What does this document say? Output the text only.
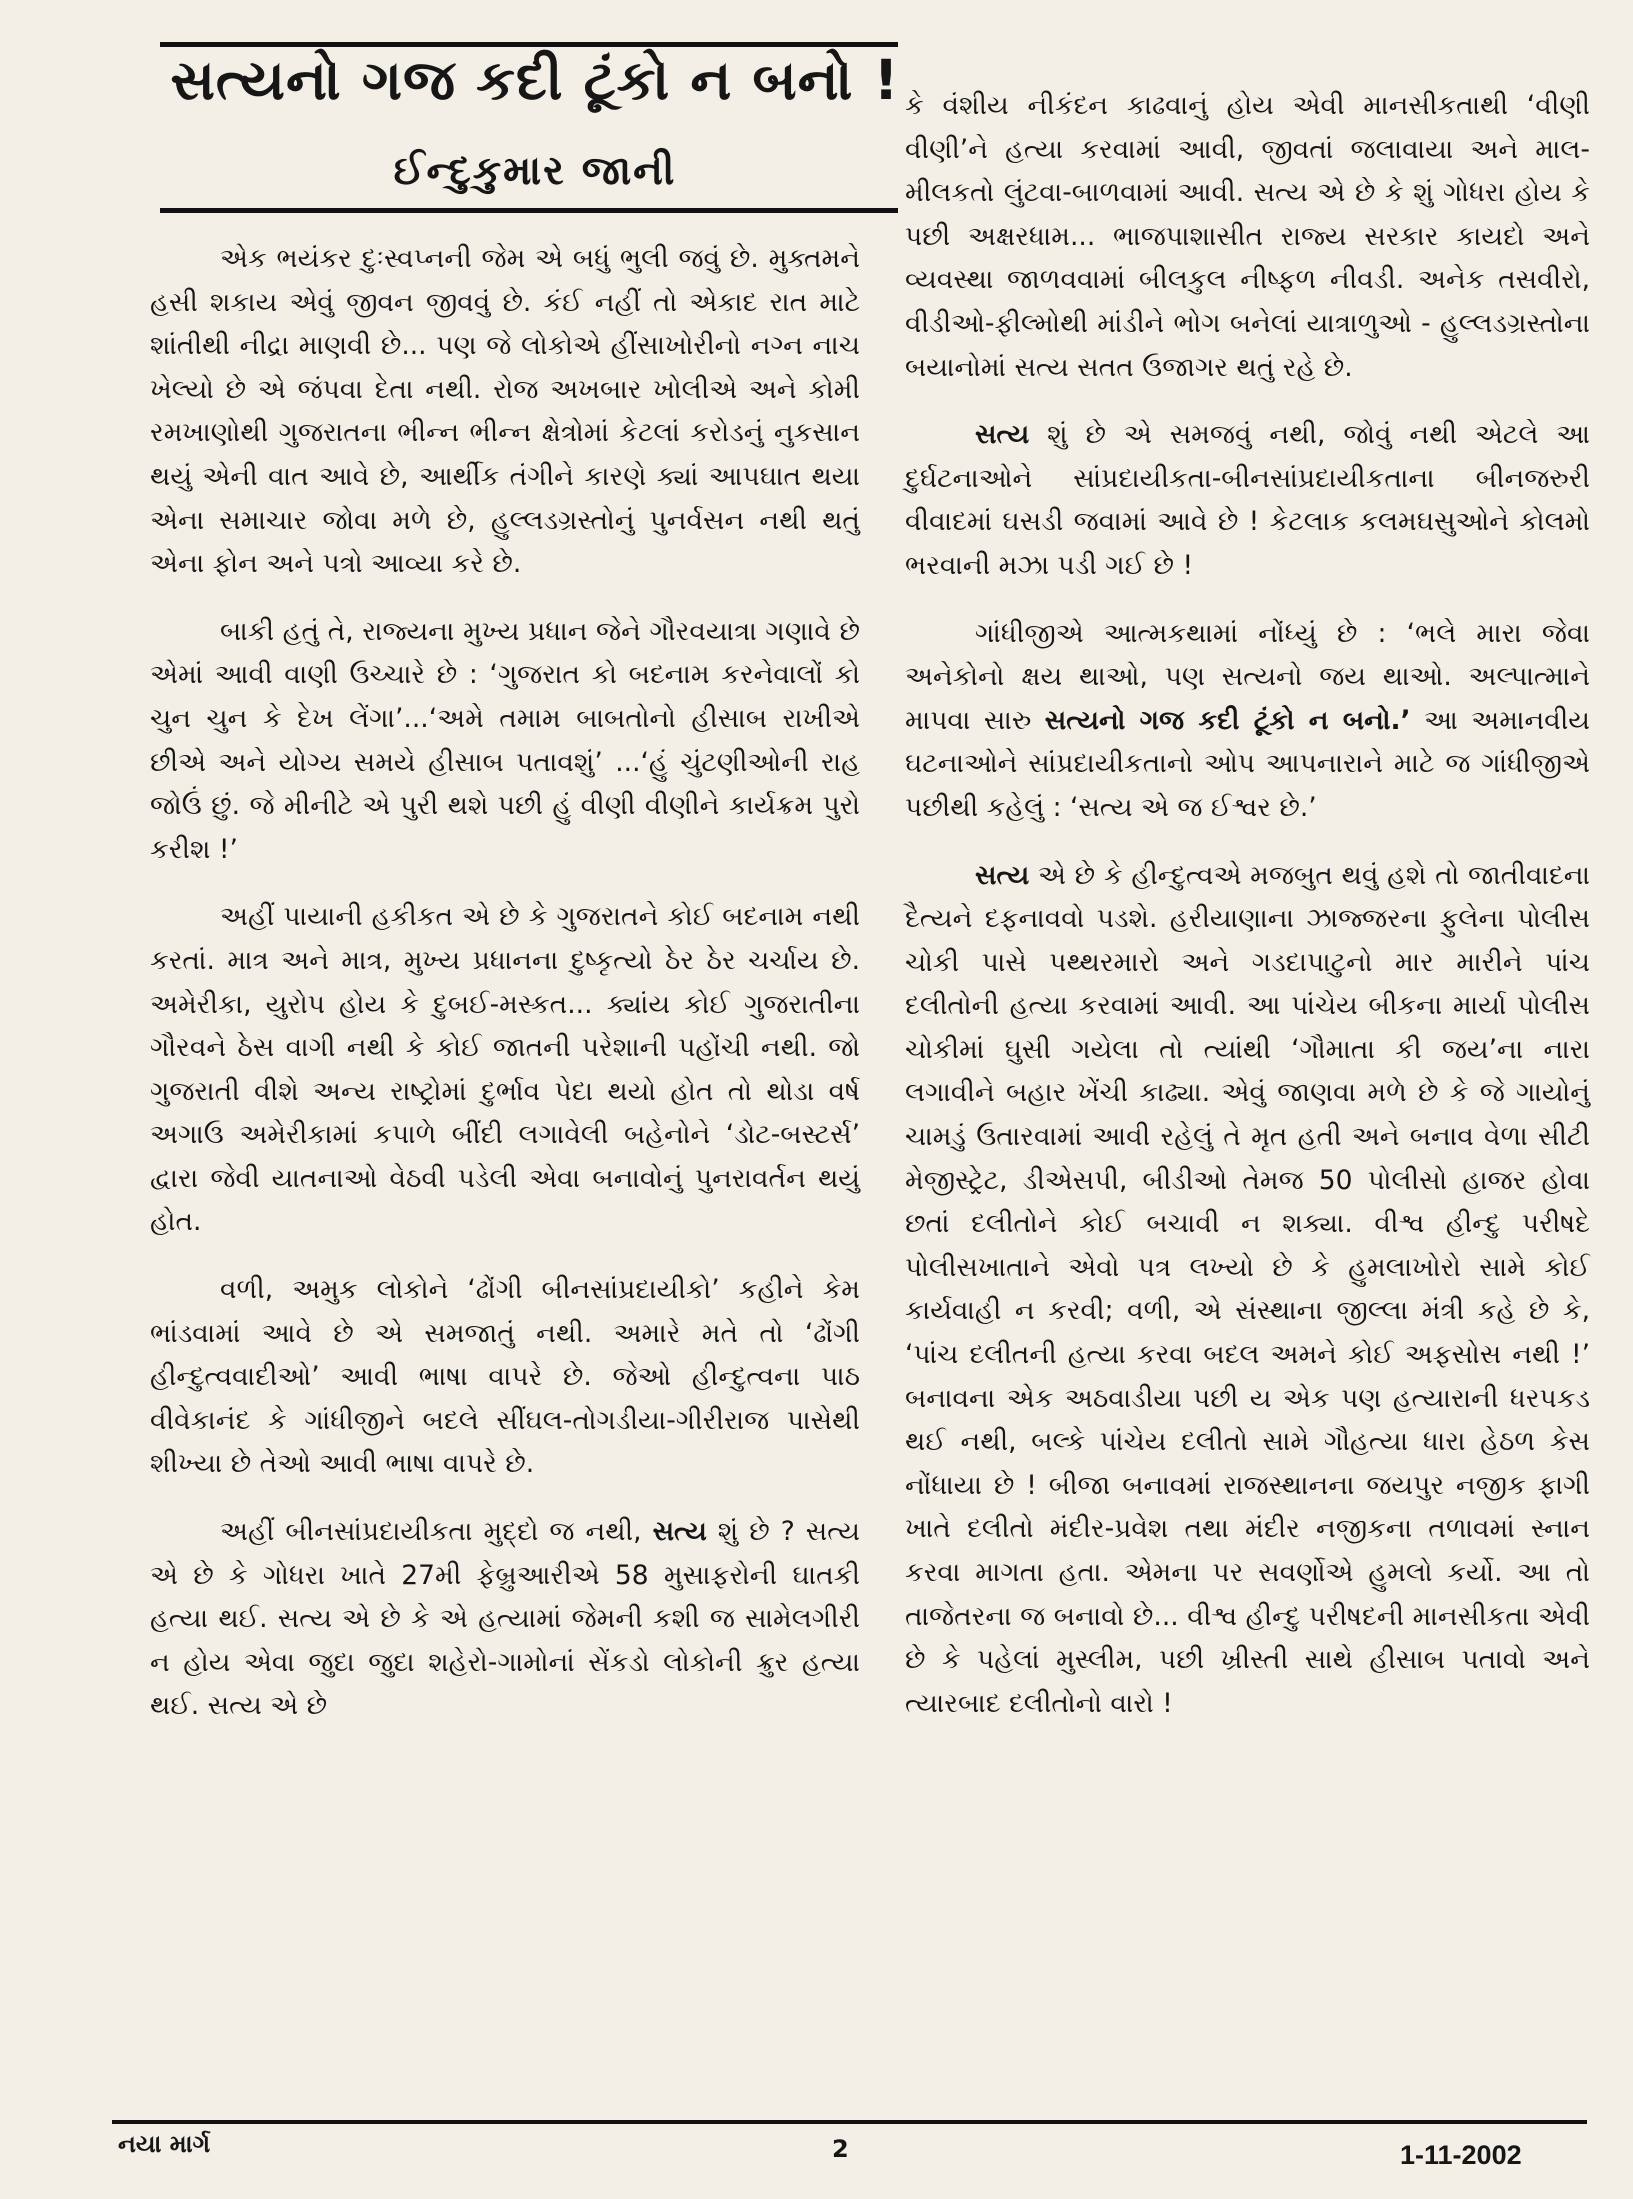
સત્યનો ગજ કદી ટૂંકો ન બનો !
ઈન્દુકુમાર જાની

એક ભયંકર દુઃસ્વપ્નની જેમ એ બધું ભુલી જવું છે. મુક્તમને હસી શકાય એવું જીવન જીવવું છે. કંઈ નહીં તો એકાદ રાત માટે શાંતીથી નીદ્રા માણવી છે... પણ જે લોકોએ હીંસાખોરીનો નગ્ન નાચ ખેલ્યો છે એ જંપવા દેતા નથી. રોજ અખબાર ખોલીએ અને કોમી રમખાણોથી ગુજરાતના ભીન્ન ભીન્ન ક્ષેત્રોમાં કેટલાં કરોડનું નુકસાન થયું એની વાત આવે છે, આર્થીક તંગીને કારણે ક્યાં આપઘાત થયા એના સમાચાર જોવા મળે છે, હુલ્લડગ્રસ્તોનું પુનર્વસન નથી થતું એના ફોન અને પત્રો આવ્યા કરે છે.

બાકી હતું તે, રાજ્યના મુખ્ય પ્રધાન જેને ગૌરવયાત્રા ગણાવે છે એમાં આવી વાણી ઉચ્ચારે છે : ‘ગુજરાત કો બદનામ કરનેવાલોં કો ચુન ચુન કે દેખ લેંગા’...‘અમે તમામ બાબતોનો હીસાબ રાખીએ છીએ અને યોગ્ય સમયે હીસાબ પતાવશું’ ...‘હું ચુંટણીઓની રાહ જોઉં છું. જે મીનીટે એ પુરી થશે પછી હું વીણી વીણીને કાર્યક્રમ પુરો કરીશ !’

અહીં પાયાની હકીકત એ છે કે ગુજરાતને કોઈ બદનામ નથી કરતાં. માત્ર અને માત્ર, મુખ્ય પ્રધાનના દુષ્કૃત્યો ઠેર ઠેર ચર્ચાય છે. અમેરીકા, યુરોપ હોય કે દુબઈ-મસ્કત... ક્યાંય કોઈ ગુજરાતીના ગૌરવને ઠેસ વાગી નથી કે કોઈ જાતની પરેશાની પહોંચી નથી. જો ગુજરાતી વીશે અન્ય રાષ્ટ્રોમાં દુર્ભાવ પેદા થયો હોત તો થોડા વર્ષ અગાઉ અમેરીકામાં કપાળે બીંદી લગાવેલી બહેનોને ‘ડોટ-બસ્ટર્સ’ દ્વારા જેવી યાતનાઓ વેઠવી પડેલી એવા બનાવોનું પુનરાવર્તન થયું હોત.

વળી, અમુક લોકોને ‘ઢોંગી બીનસાંપ્રદાયીકો’ કહીને કેમ ભાંડવામાં આવે છે એ સમજાતું નથી. અમારે મતે તો ‘ઢોંગી હીન્દુત્વવાદીઓ’ આવી ભાષા વાપરે છે. જેઓ હીન્દુત્વના પાઠ વીવેકાનંદ કે ગાંધીજીને બદલે સીંઘલ-તોગડીયા-ગીરીરાજ પાસેથી શીખ્યા છે તેઓ આવી ભાષા વાપરે છે.

અહીં બીનસાંપ્રદાયીકતા મુદ્દો જ નથી, સત્ય શું છે ? સત્ય એ છે કે ગોધરા ખાતે 27મી ફેબ્રુઆરીએ 58 મુસાફરોની ઘાતકી હત્યા થઈ. સત્ય એ છે કે એ હત્યામાં જેમની કશી જ સામેલગીરી ન હોય એવા જુદા જુદા શહેરો-ગામોનાં સેંકડો લોકોની ક્રુર હત્યા થઈ. સત્ય એ છે

કે વંશીય નીકંદન કાઢવાનું હોય એવી માનસીકતાથી ‘વીણી વીણી’ને હત્યા કરવામાં આવી, જીવતાં જલાવાયા અને માલ-મીલકતો લુંટવા-બાળવામાં આવી. સત્ય એ છે કે શું ગોધરા હોય કે પછી અક્ષરધામ... ભાજપાશાસીત રાજ્ય સરકાર કાયદો અને વ્યવસ્થા જાળવવામાં બીલકુલ નીષ્ફળ નીવડી. અનેક તસવીરો, વીડીઓ-ફીલ્મોથી માંડીને ભોગ બનેલાં યાત્રાળુઓ - હુલ્લડગ્રસ્તોના બયાનોમાં સત્ય સતત ઉજાગર થતું રહે છે.

સત્ય શું છે એ સમજવું નથી, જોવું નથી એટલે આ દુર્ઘટનાઓને સાંપ્રદાયીકતા-બીનસાંપ્રદાયીકતાના બીનજરુરી વીવાદમાં ઘસડી જવામાં આવે છે ! કેટલાક કલમઘસુઓને કોલમો ભરવાની મઝા પડી ગઈ છે !

ગાંધીજીએ આત્મકથામાં નોંધ્યું છે : ‘ભલે મારા જેવા અનેકોનો ક્ષય થાઓ, પણ સત્યનો જય થાઓ. અલ્પાત્માને માપવા સારુ સત્યનો ગજ કદી ટૂંકો ન બનો.’ આ અમાનવીય ઘટનાઓને સાંપ્રદાયીકતાનો ઓપ આપનારાને માટે જ ગાંધીજીએ પછીથી કહેલું : ‘સત્ય એ જ ઈશ્વર છે.’

સત્ય એ છે કે હીન્દુત્વએ મજબુત થવું હશે તો જાતીવાદના દૈત્યને દફનાવવો પડશે. હરીયાણાના ઝાજ્જરના ફુલેના પોલીસ ચોકી પાસે પથ્થરમારો અને ગડદાપાટુનો માર મારીને પાંચ દલીતોની હત્યા કરવામાં આવી. આ પાંચેય બીકના માર્યા પોલીસ ચોકીમાં ઘુસી ગયેલા તો ત્યાંથી ‘ગૌમાતા કી જય’ના નારા લગાવીને બહાર ખેંચી કાઢ્યા. એવું જાણવા મળે છે કે જે ગાયોનું ચામડું ઉતારવામાં આવી રહેલું તે મૃત હતી અને બનાવ વેળા સીટી મેજીસ્ટ્રેટ, ડીએસપી, બીડીઓ તેમજ 50 પોલીસો હાજર હોવા છતાં દલીતોને કોઈ બચાવી ન શક્યા. વીશ્વ હીન્દુ પરીષદે પોલીસખાતાને એવો પત્ર લખ્યો છે કે હુમલાખોરો સામે કોઈ કાર્યવાહી ન કરવી; વળી, એ સંસ્થાના જીલ્લા મંત્રી કહે છે કે, ‘પાંચ દલીતની હત્યા કરવા બદલ અમને કોઈ અફસોસ નથી !’ બનાવના એક અઠવાડીયા પછી ય એક પણ હત્યારાની ધરપકડ થઈ નથી, બલ્કે પાંચેય દલીતો સામે ગૌહત્યા ધારા હેઠળ કેસ નોંધાયા છે ! બીજા બનાવમાં રાજસ્થાનના જયપુર નજીક ફાગી ખાતે દલીતો મંદીર-પ્રવેશ તથા મંદીર નજીકના તળાવમાં સ્નાન કરવા માગતા હતા. એમના પર સવર્ણોએ હુમલો કર્યો. આ તો તાજેતરના જ બનાવો છે... વીશ્વ હીન્દુ પરીષદની માનસીકતા એવી છે કે પહેલાં મુસ્લીમ, પછી ખ્રીસ્તી સાથે હીસાબ પતાવો અને ત્યારબાદ દલીતોનો વારો !

નયા માર્ગ	2	1-11-2002
